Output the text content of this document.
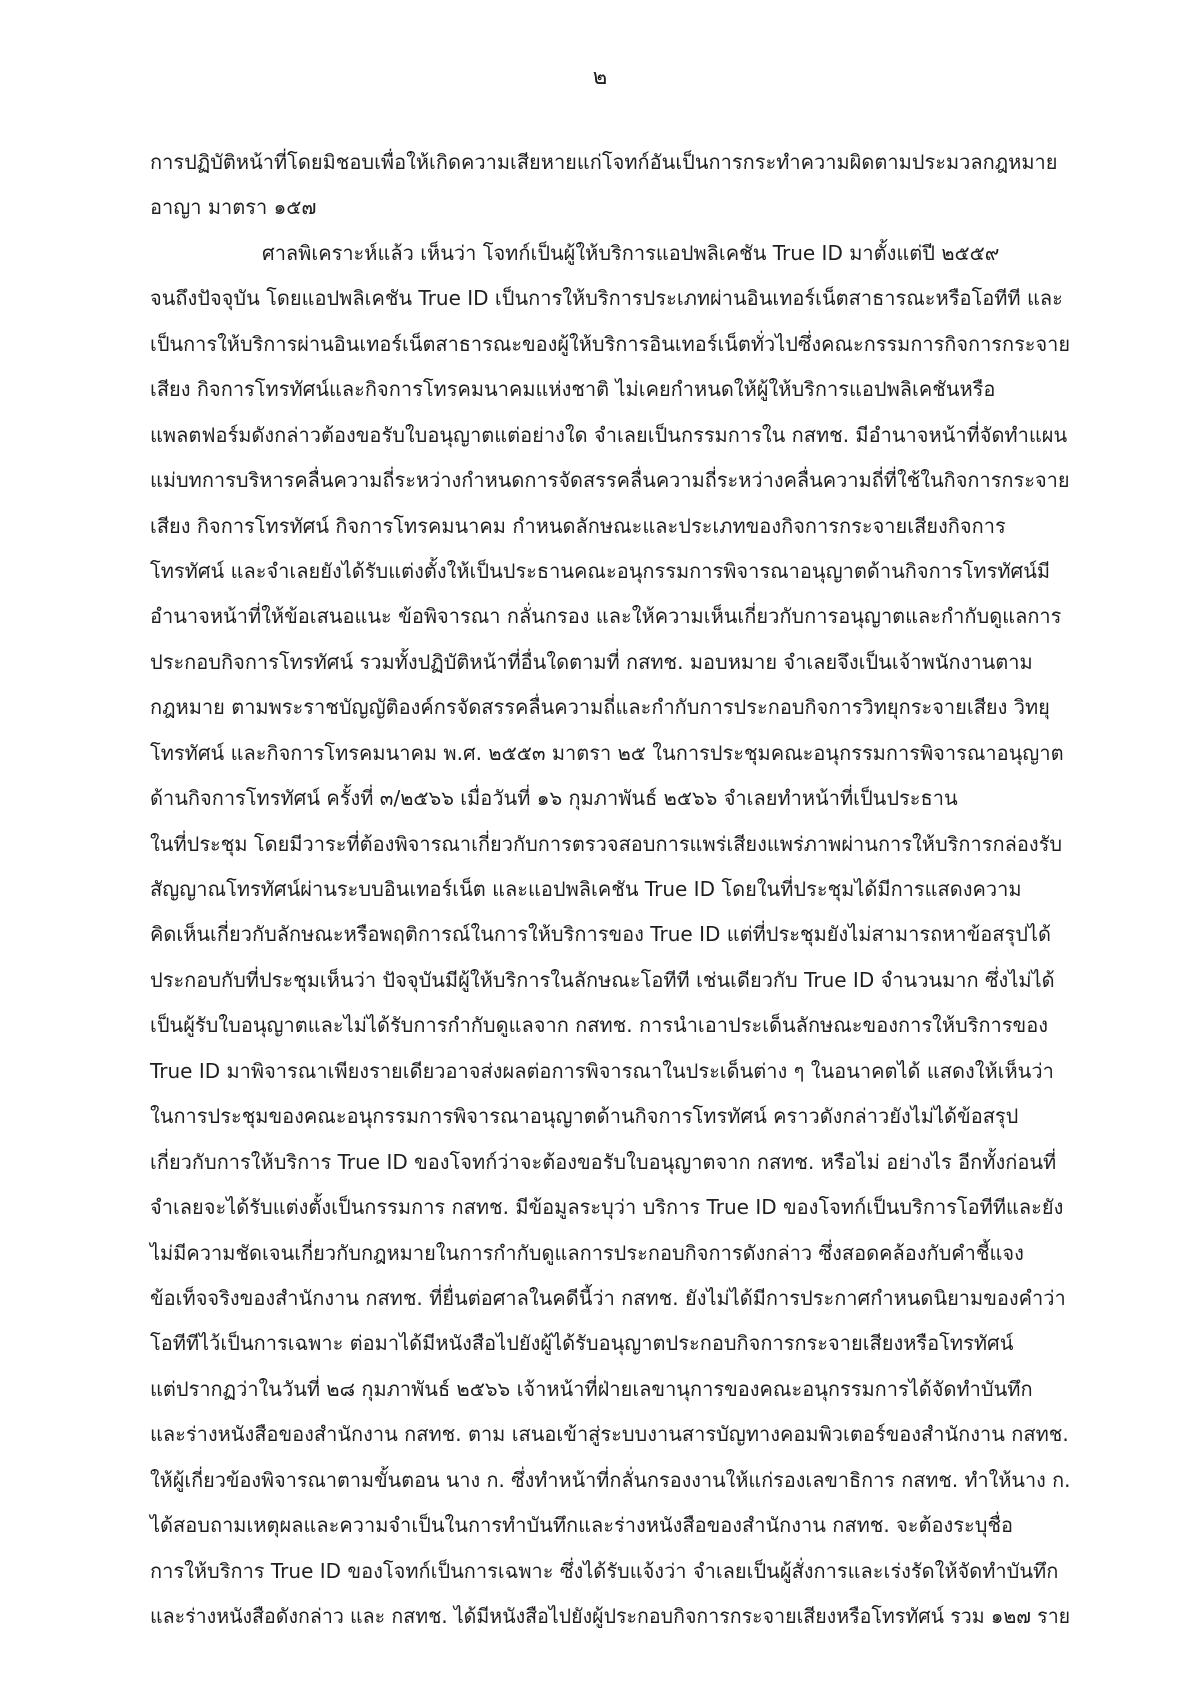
๒
การปฏิบัติหน้าที่โดยมิชอบเพื่อให้เกิดความเสียหายแก่โจทก์อันเป็นการกระทำความผิดตามประมวลกฎหมาย
อาญา มาตรา ๑๕๗
ศาลพิเคราะห์แล้ว เห็นว่า โจทก์เป็นผู้ให้บริการแอปพลิเคชัน True ID มาตั้งแต่ปี ๒๕๕๙
จนถึงปัจจุบัน โดยแอปพลิเคชัน True ID เป็นการให้บริการประเภทผ่านอินเทอร์เน็ตสาธารณะหรือโอทีที และ
เป็นการให้บริการผ่านอินเทอร์เน็ตสาธารณะของผู้ให้บริการอินเทอร์เน็ตทั่วไปซึ่งคณะกรรมการกิจการกระจาย
เสียง กิจการโทรทัศน์และกิจการโทรคมนาคมแห่งชาติ ไม่เคยกำหนดให้ผู้ให้บริการแอปพลิเคชันหรือ
แพลตฟอร์มดังกล่าวต้องขอรับใบอนุญาตแต่อย่างใด จำเลยเป็นกรรมการใน กสทช. มีอำนาจหน้าที่จัดทำแผน
แม่บทการบริหารคลื่นความถี่ระหว่างกำหนดการจัดสรรคลื่นความถี่ระหว่างคลื่นความถี่ที่ใช้ในกิจการกระจาย
เสียง กิจการโทรทัศน์ กิจการโทรคมนาคม กำหนดลักษณะและประเภทของกิจการกระจายเสียงกิจการ
โทรทัศน์ และจำเลยยังได้รับแต่งตั้งให้เป็นประธานคณะอนุกรรมการพิจารณาอนุญาตด้านกิจการโทรทัศน์มี
อำนาจหน้าที่ให้ข้อเสนอแนะ ข้อพิจารณา กลั่นกรอง และให้ความเห็นเกี่ยวกับการอนุญาตและกำกับดูแลการ
ประกอบกิจการโทรทัศน์ รวมทั้งปฏิบัติหน้าที่อื่นใดตามที่ กสทช. มอบหมาย จำเลยจึงเป็นเจ้าพนักงานตาม
กฎหมาย ตามพระราชบัญญัติองค์กรจัดสรรคลื่นความถี่และกำกับการประกอบกิจการวิทยุกระจายเสียง วิทยุ
โทรทัศน์ และกิจการโทรคมนาคม พ.ศ. ๒๕๕๓ มาตรา ๒๕ ในการประชุมคณะอนุกรรมการพิจารณาอนุญาต
ด้านกิจการโทรทัศน์ ครั้งที่ ๓/๒๕๖๖ เมื่อวันที่ ๑๖ กุมภาพันธ์ ๒๕๖๖ จำเลยทำหน้าที่เป็นประธาน
ในที่ประชุม โดยมีวาระที่ต้องพิจารณาเกี่ยวกับการตรวจสอบการแพร่เสียงแพร่ภาพผ่านการให้บริการกล่องรับ
สัญญาณโทรทัศน์ผ่านระบบอินเทอร์เน็ต และแอปพลิเคชัน True ID โดยในที่ประชุมได้มีการแสดงความ
คิดเห็นเกี่ยวกับลักษณะหรือพฤติการณ์ในการให้บริการของ True ID แต่ที่ประชุมยังไม่สามารถหาข้อสรุปได้
ประกอบกับที่ประชุมเห็นว่า ปัจจุบันมีผู้ให้บริการในลักษณะโอทีที เช่นเดียวกับ True ID จำนวนมาก ซึ่งไม่ได้
เป็นผู้รับใบอนุญาตและไม่ได้รับการกำกับดูแลจาก กสทช. การนำเอาประเด็นลักษณะของการให้บริการของ
True ID มาพิจารณาเพียงรายเดียวอาจส่งผลต่อการพิจารณาในประเด็นต่าง ๆ ในอนาคตได้ แสดงให้เห็นว่า
ในการประชุมของคณะอนุกรรมการพิจารณาอนุญาตด้านกิจการโทรทัศน์ คราวดังกล่าวยังไม่ได้ข้อสรุป
เกี่ยวกับการให้บริการ True ID ของโจทก์ว่าจะต้องขอรับใบอนุญาตจาก กสทช. หรือไม่ อย่างไร อีกทั้งก่อนที่
จำเลยจะได้รับแต่งตั้งเป็นกรรมการ กสทช. มีข้อมูลระบุว่า บริการ True ID ของโจทก์เป็นบริการโอทีทีและยัง
ไม่มีความชัดเจนเกี่ยวกับกฎหมายในการกำกับดูแลการประกอบกิจการดังกล่าว ซึ่งสอดคล้องกับคำชี้แจง
ข้อเท็จจริงของสำนักงาน กสทช. ที่ยื่นต่อศาลในคดีนี้ว่า กสทช. ยังไม่ได้มีการประกาศกำหนดนิยามของคำว่า
โอทีทีไว้เป็นการเฉพาะ ต่อมาได้มีหนังสือไปยังผู้ได้รับอนุญาตประกอบกิจการกระจายเสียงหรือโทรทัศน์
แต่ปรากฏว่าในวันที่ ๒๘ กุมภาพันธ์ ๒๕๖๖ เจ้าหน้าที่ฝ่ายเลขานุการของคณะอนุกรรมการได้จัดทำบันทึก
และร่างหนังสือของสำนักงาน กสทช. ตาม เสนอเข้าสู่ระบบงานสารบัญทางคอมพิวเตอร์ของสำนักงาน กสทช.
ให้ผู้เกี่ยวข้องพิจารณาตามขั้นตอน นาง ก. ซึ่งทำหน้าที่กลั่นกรองงานให้แก่รองเลขาธิการ กสทช. ทำให้นาง ก.
ได้สอบถามเหตุผลและความจำเป็นในการทำบันทึกและร่างหนังสือของสำนักงาน กสทช. จะต้องระบุชื่อ
การให้บริการ True ID ของโจทก์เป็นการเฉพาะ ซึ่งได้รับแจ้งว่า จำเลยเป็นผู้สั่งการและเร่งรัดให้จัดทำบันทึก
และร่างหนังสือดังกล่าว และ กสทช. ได้มีหนังสือไปยังผู้ประกอบกิจการกระจายเสียงหรือโทรทัศน์ รวม ๑๒๗ ราย
